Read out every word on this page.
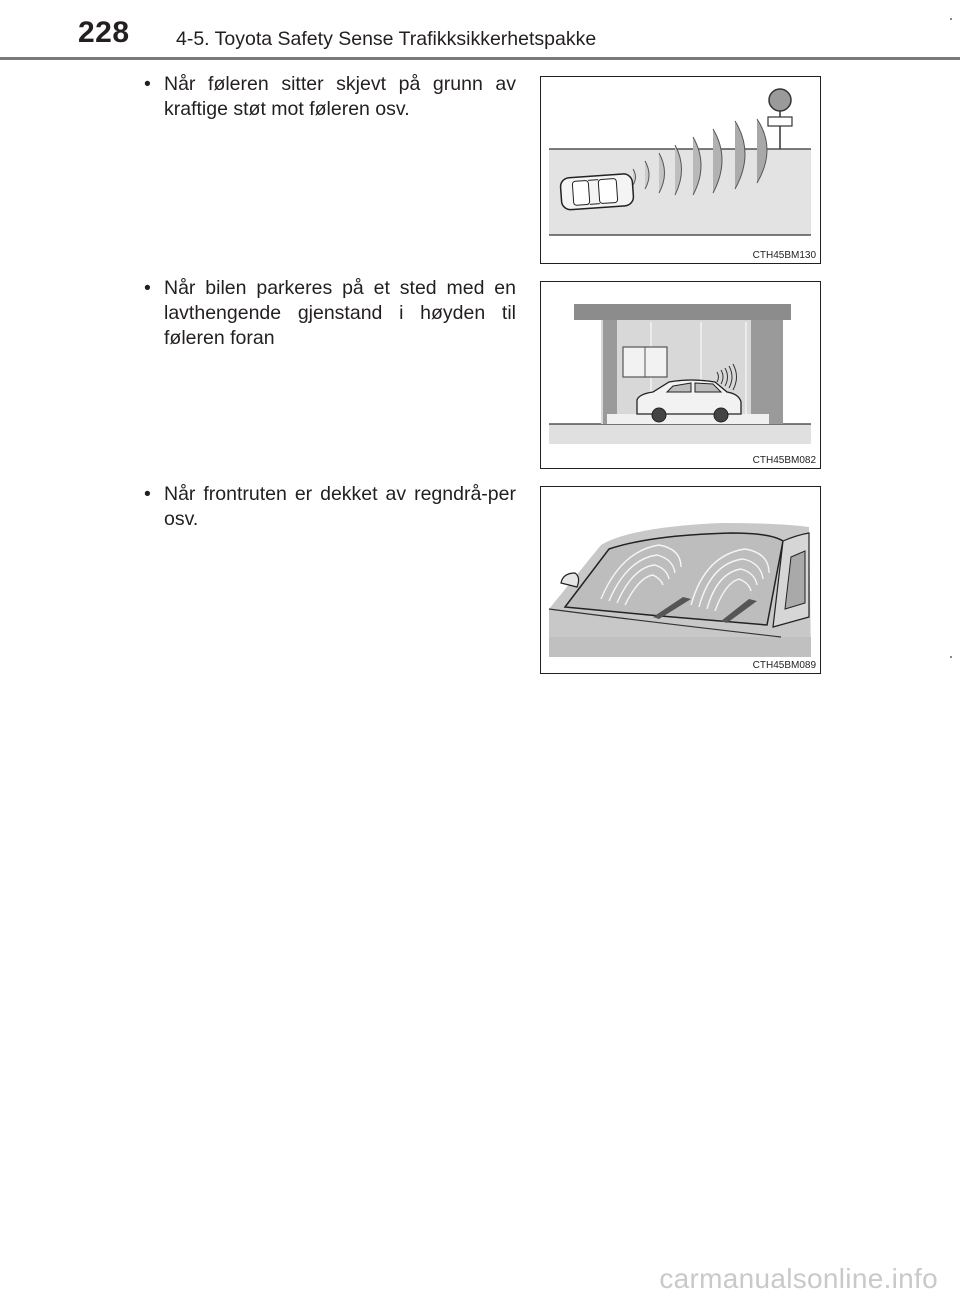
228 4-5. Toyota Safety Sense Trafikksikkerhetspakke
• Når føleren sitter skjevt på grunn av kraftige støt mot føleren osv.
CTH45BM130
• Når bilen parkeres på et sted med en lavthengende gjenstand i høyden til føleren foran
CTH45BM082
• Når frontruten er dekket av regndrå-per osv.
CTH45BM089
carmanualsonline.info
